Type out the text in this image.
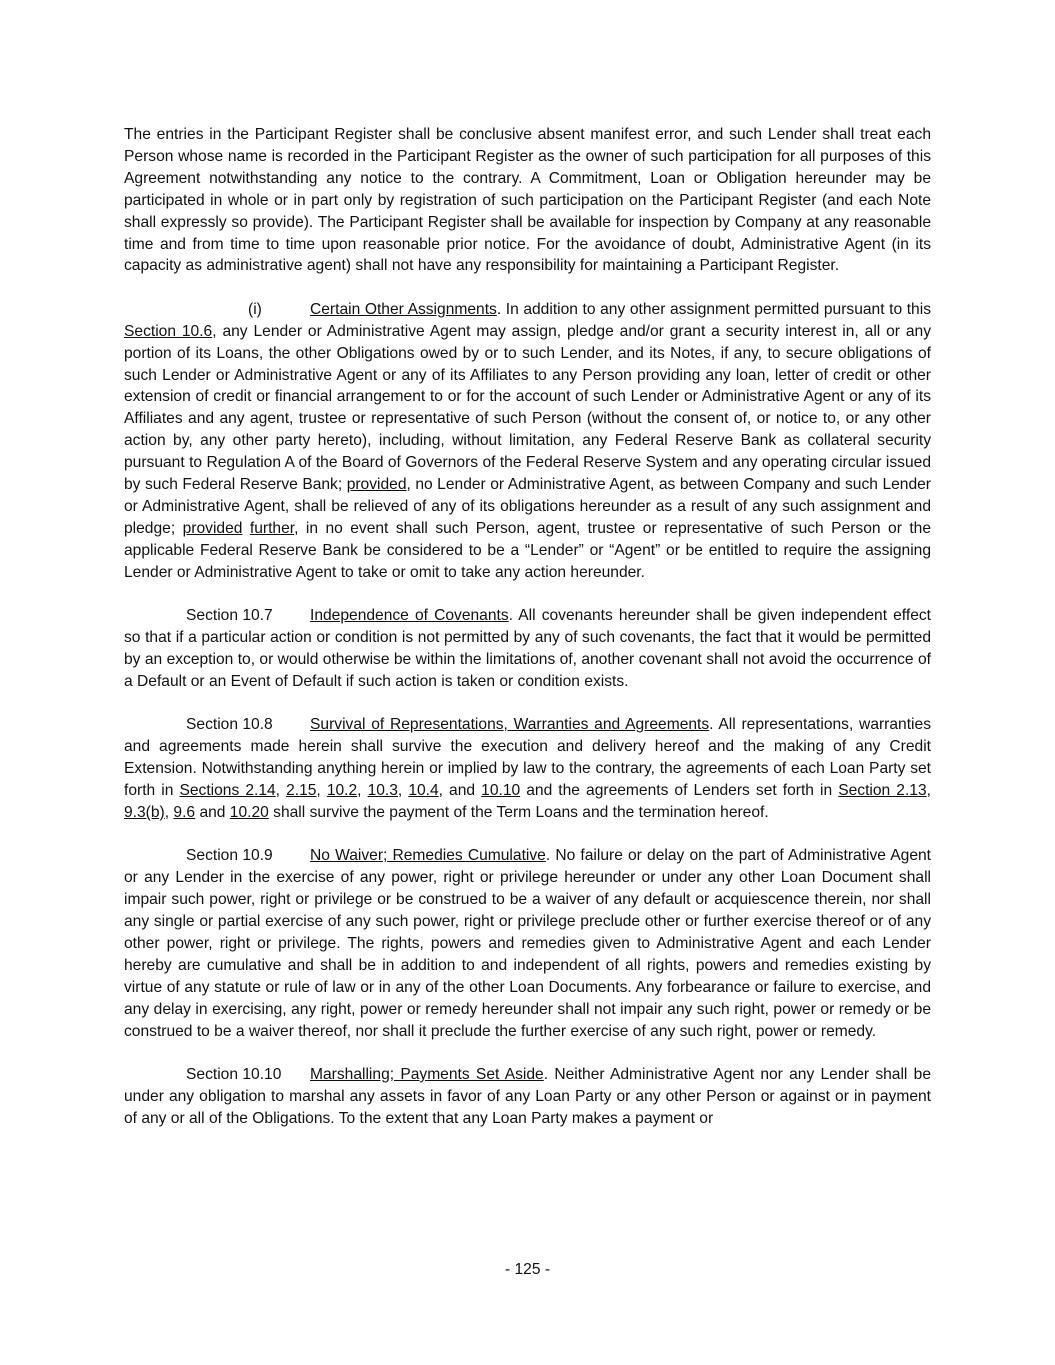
The entries in the Participant Register shall be conclusive absent manifest error, and such Lender shall treat each Person whose name is recorded in the Participant Register as the owner of such participation for all purposes of this Agreement notwithstanding any notice to the contrary. A Commitment, Loan or Obligation hereunder may be participated in whole or in part only by registration of such participation on the Participant Register (and each Note shall expressly so provide). The Participant Register shall be available for inspection by Company at any reasonable time and from time to time upon reasonable prior notice. For the avoidance of doubt, Administrative Agent (in its capacity as administrative agent) shall not have any responsibility for maintaining a Participant Register.

(i)	Certain Other Assignments. In addition to any other assignment permitted pursuant to this Section 10.6, any Lender or Administrative Agent may assign, pledge and/or grant a security interest in, all or any portion of its Loans, the other Obligations owed by or to such Lender, and its Notes, if any, to secure obligations of such Lender or Administrative Agent or any of its Affiliates to any Person providing any loan, letter of credit or other extension of credit or financial arrangement to or for the account of such Lender or Administrative Agent or any of its Affiliates and any agent, trustee or representative of such Person (without the consent of, or notice to, or any other action by, any other party hereto), including, without limitation, any Federal Reserve Bank as collateral security pursuant to Regulation A of the Board of Governors of the Federal Reserve System and any operating circular issued by such Federal Reserve Bank; provided, no Lender or Administrative Agent, as between Company and such Lender or Administrative Agent, shall be relieved of any of its obligations hereunder as a result of any such assignment and pledge; provided further, in no event shall such Person, agent, trustee or representative of such Person or the applicable Federal Reserve Bank be considered to be a “Lender” or “Agent” or be entitled to require the assigning Lender or Administrative Agent to take or omit to take any action hereunder.

Section 10.7 Independence of Covenants. All covenants hereunder shall be given independent effect so that if a particular action or condition is not permitted by any of such covenants, the fact that it would be permitted by an exception to, or would otherwise be within the limitations of, another covenant shall not avoid the occurrence of a Default or an Event of Default if such action is taken or condition exists.

Section 10.8 Survival of Representations, Warranties and Agreements. All representations, warranties and agreements made herein shall survive the execution and delivery hereof and the making of any Credit Extension. Notwithstanding anything herein or implied by law to the contrary, the agreements of each Loan Party set forth in Sections 2.14, 2.15, 10.2, 10.3, 10.4, and 10.10 and the agreements of Lenders set forth in Section 2.13, 9.3(b), 9.6 and 10.20 shall survive the payment of the Term Loans and the termination hereof.

Section 10.9 No Waiver; Remedies Cumulative. No failure or delay on the part of Administrative Agent or any Lender in the exercise of any power, right or privilege hereunder or under any other Loan Document shall impair such power, right or privilege or be construed to be a waiver of any default or acquiescence therein, nor shall any single or partial exercise of any such power, right or privilege preclude other or further exercise thereof or of any other power, right or privilege. The rights, powers and remedies given to Administrative Agent and each Lender hereby are cumulative and shall be in addition to and independent of all rights, powers and remedies existing by virtue of any statute or rule of law or in any of the other Loan Documents. Any forbearance or failure to exercise, and any delay in exercising, any right, power or remedy hereunder shall not impair any such right, power or remedy or be construed to be a waiver thereof, nor shall it preclude the further exercise of any such right, power or remedy.

Section 10.10 Marshalling; Payments Set Aside. Neither Administrative Agent nor any Lender shall be under any obligation to marshal any assets in favor of any Loan Party or any other Person or against or in payment of any or all of the Obligations. To the extent that any Loan Party makes a payment or

- 125 -
